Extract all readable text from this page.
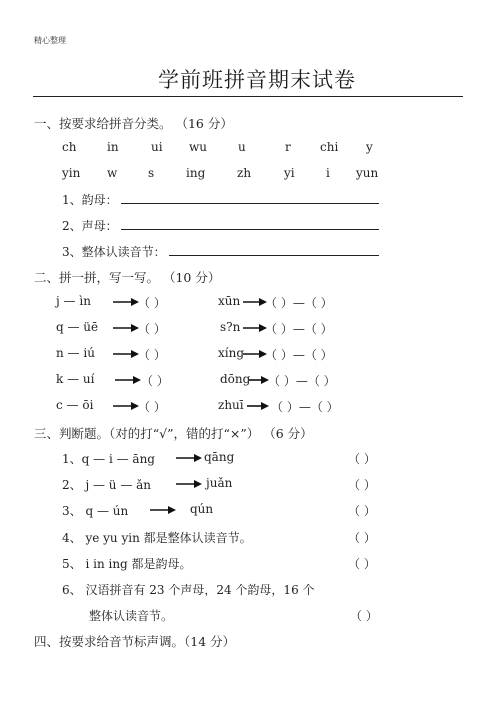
精心整理
学前班拼音期末试卷
一、按要求给拼音分类。 （16 分）
ch	in	ui wu	u	r chi y
yin w	s	ing	zh	yi	i yun
1、韵母：
2、声母：
3、整体认读音节：
二、拼一拼，写一写。 （10 分）
j — ìn	（ ）	xūn （ ）—（ ）
q — üē	（ ）	s?n （ ）—（ ）
n — iú	（ ）	xíng （ ）—（ ）
k — uí	（ ）	dōng （ ）—（ ）
c — ōi	（ ）	zhuī （ ）—（ ）
三、判断题。（对的打“√”，错的打“×”） （6 分）
1、q — i — āng	qāng	（ ）
2、 j — ü — ǎn	juǎn	（ ）
3、 q — ún	qún	（ ）
4、 ye yu yin 都是整体认读音节。	（ ）
5、 i in ing 都是韵母。	（ ）
6、 汉语拼音有 23 个声母，24 个韵母，16 个
整体认读音节。	（ ）
四、按要求给音节标声调。（14 分）
